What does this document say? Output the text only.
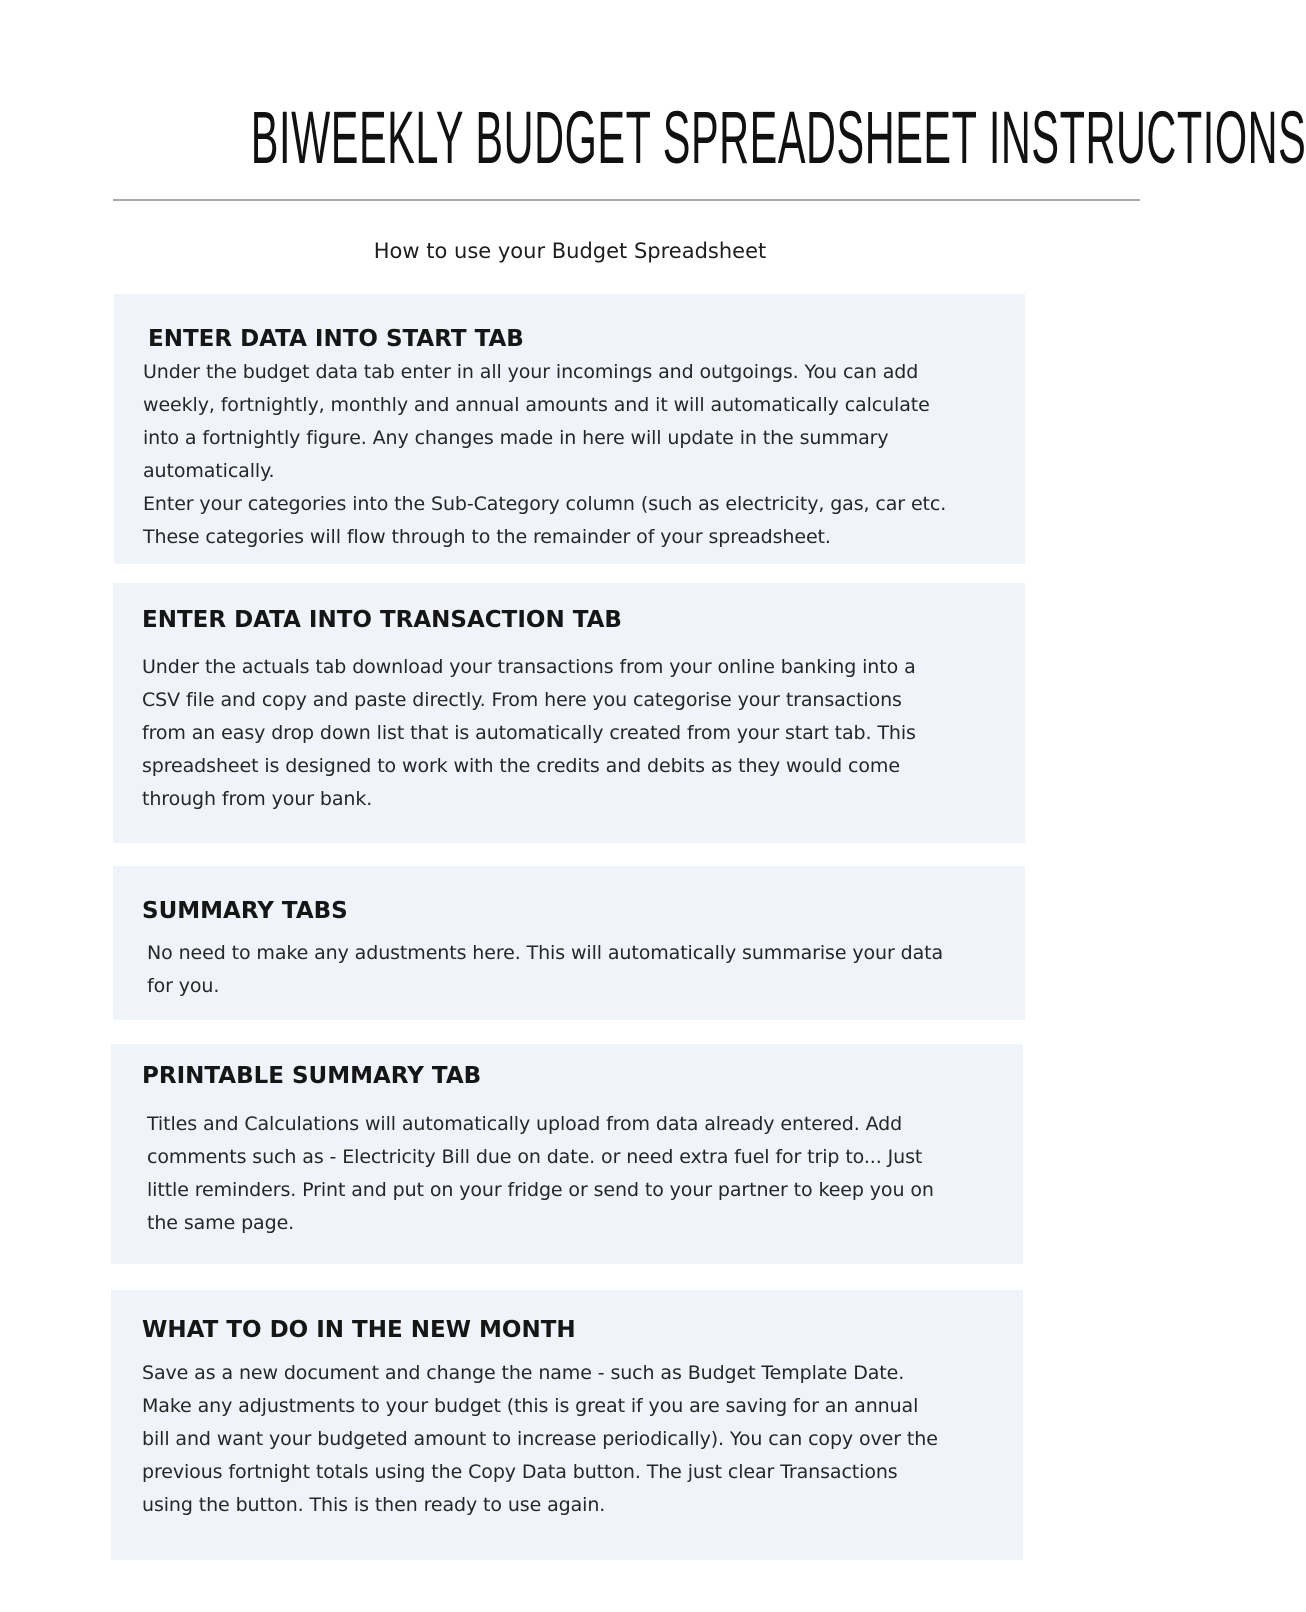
BIWEEKLY BUDGET SPREADSHEET INSTRUCTIONS
How to use your Budget Spreadsheet
ENTER DATA INTO START TAB

Under the budget data tab enter in all your incomings and outgoings. You can add
weekly, fortnightly, monthly and annual amounts and it will automatically calculate
into a fortnightly figure. Any changes made in here will update in the summary
automatically.
Enter your categories into the Sub-Category column (such as electricity, gas, car etc.
These categories will flow through to the remainder of your spreadsheet.

ENTER DATA INTO TRANSACTION TAB

Under the actuals tab download your transactions from your online banking into a
CSV file and copy and paste directly. From here you categorise your transactions
from an easy drop down list that is automatically created from your start tab. This
spreadsheet is designed to work with the credits and debits as they would come
through from your bank.

SUMMARY TABS

No need to make any adustments here. This will automatically summarise your data
for you.

PRINTABLE SUMMARY TAB

Titles and Calculations will automatically upload from data already entered. Add
comments such as - Electricity Bill due on date. or need extra fuel for trip to... Just
little reminders. Print and put on your fridge or send to your partner to keep you on
the same page.

WHAT TO DO IN THE NEW MONTH

Save as a new document and change the name - such as Budget Template Date.
Make any adjustments to your budget (this is great if you are saving for an annual
bill and want your budgeted amount to increase periodically). You can copy over the
previous fortnight totals using the Copy Data button. The just clear Transactions
using the button. This is then ready to use again.
